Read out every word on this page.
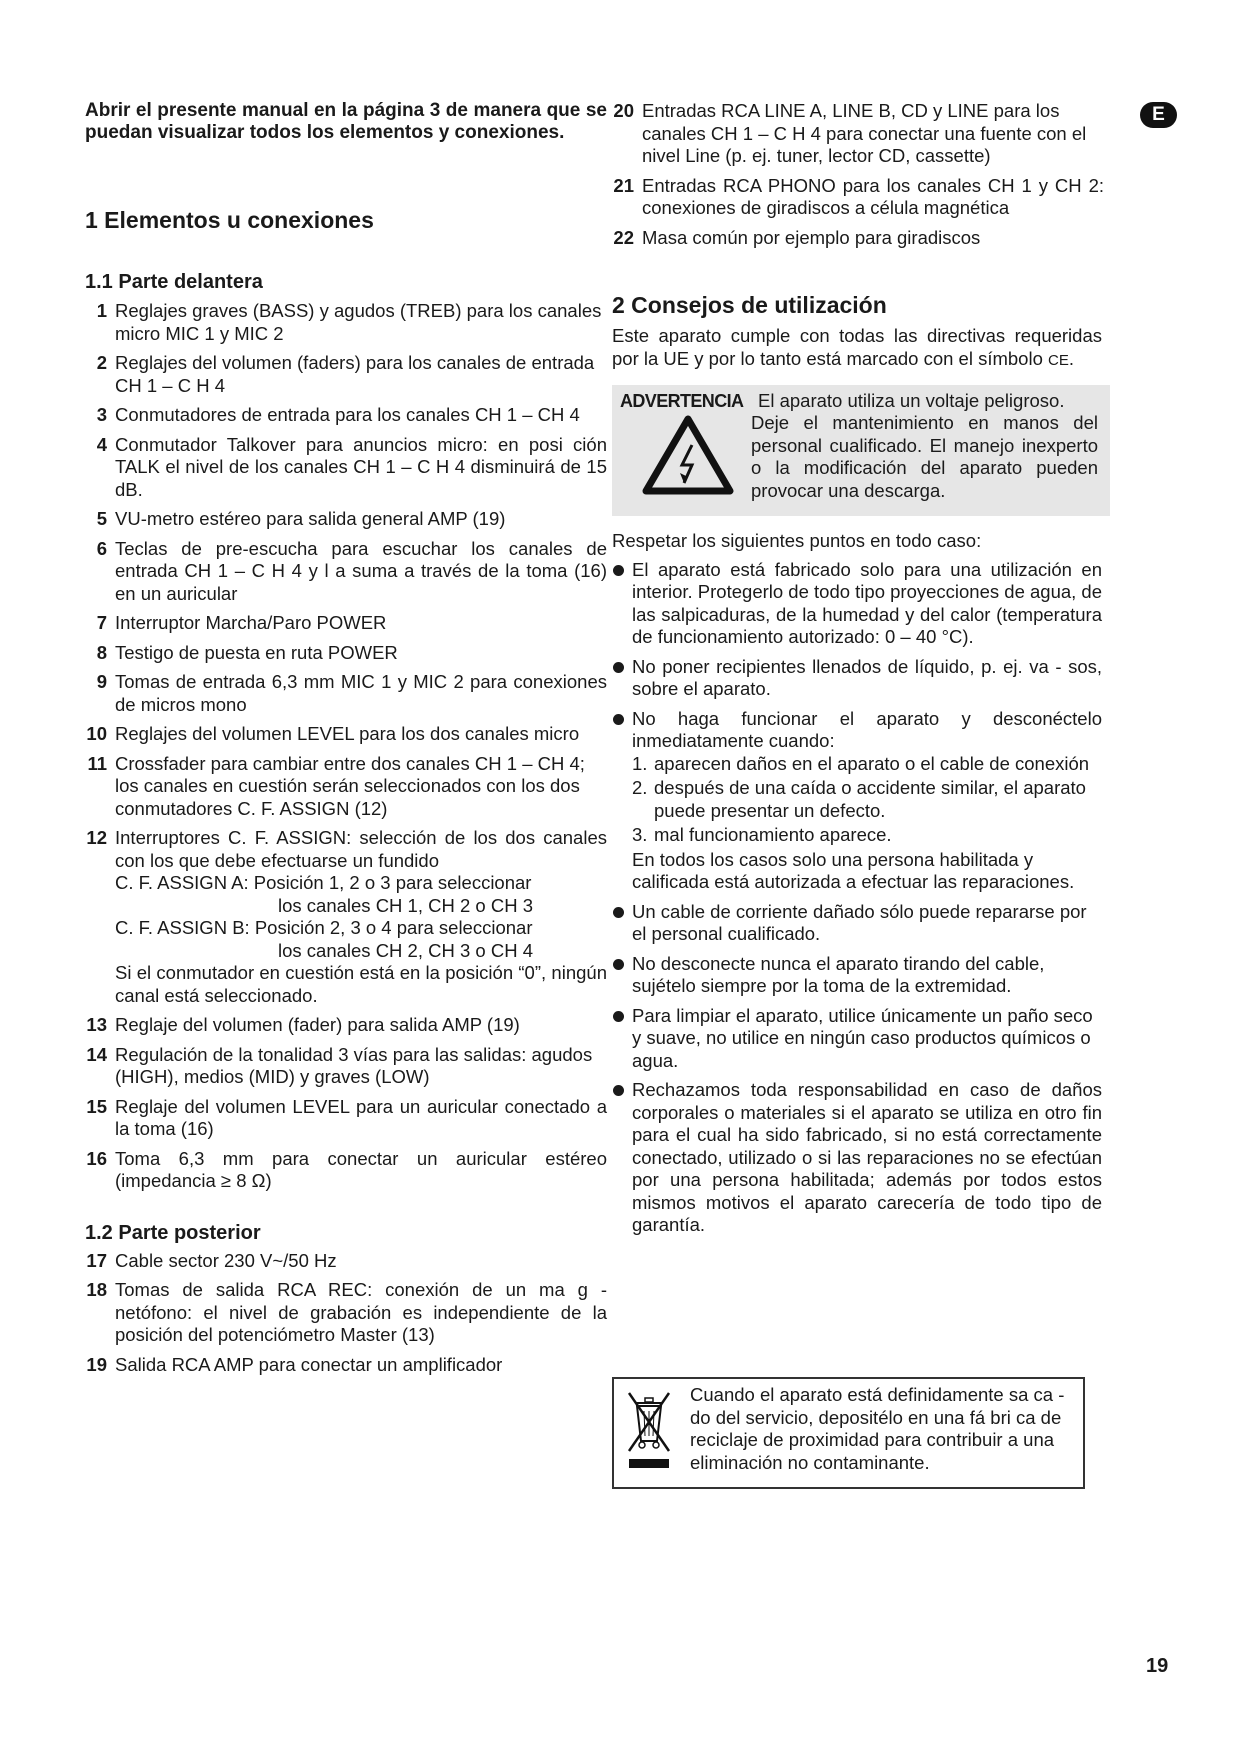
E

Abrir el presente manual en la página 3 de manera que se puedan visualizar todos los elementos y conexiones.

1 Elementos u conexiones
1.1 Parte delantera
1 Reglajes graves (BASS) y agudos (TREB) para los canales micro MIC 1 y MIC 2
2 Reglajes del volumen (faders) para los canales de entrada CH 1 – C H 4
3 Conmutadores de entrada para los canales CH 1 – CH 4
4 Conmutador Talkover para anuncios micro: en posi ción TALK el nivel de los canales CH 1 – C H 4 disminuirá de 15 dB.
5 VU-metro estéreo para salida general AMP (19)
6 Teclas de pre-escucha para escuchar los canales de entrada CH 1 – C H 4 y l a suma a través de la toma (16) en un auricular
7 Interruptor Marcha/Paro POWER
8 Testigo de puesta en ruta POWER
9 Tomas de entrada 6,3 mm MIC 1 y MIC 2 para conexiones de micros mono
10 Reglajes del volumen LEVEL para los dos canales micro
11 Crossfader para cambiar entre dos canales CH 1 – CH 4; los canales en cuestión serán seleccionados con los dos conmutadores C. F. ASSIGN (12)
12 Interruptores C. F. ASSIGN: selección de los dos canales con los que debe efectuarse un fundido
C. F. ASSIGN A: Posición 1, 2 o 3 para seleccionar
los canales CH 1, CH 2 o CH 3
C. F. ASSIGN B: Posición 2, 3 o 4 para seleccionar
los canales CH 2, CH 3 o CH 4
Si el conmutador en cuestión está en la posición “0”, ningún canal está seleccionado.
13 Reglaje del volumen (fader) para salida AMP (19)
14 Regulación de la tonalidad 3 vías para las salidas: agudos (HIGH), medios (MID) y graves (LOW)
15 Reglaje del volumen LEVEL para un auricular conectado a la toma (16)
16 Toma 6,3 mm para conectar un auricular estéreo (impedancia ≥ 8 Ω)
1.2 Parte posterior
17 Cable sector 230 V~/50 Hz
18 Tomas de salida RCA REC: conexión de un ma g - netófono: el nivel de grabación es independiente de la posición del potenciómetro Master (13)
19 Salida RCA AMP para conectar un amplificador
20 Entradas RCA LINE A, LINE B, CD y LINE para los canales CH 1 – C H 4 para conectar una fuente con el nivel Line (p. ej. tuner, lector CD, cassette)
21 Entradas RCA PHONO para los canales CH 1 y CH 2: conexiones de giradiscos a célula magnética
22 Masa común por ejemplo para giradiscos
2 Consejos de utilización

Este aparato cumple con todas las directivas requeridas por la UE y por lo tanto está marcado con el símbolo CE.

ADVERTENCIA El aparato utiliza un voltaje peligroso.
Deje el mantenimiento en manos del personal cualificado. El manejo inexperto o la modificación del aparato pueden provocar una descarga.

Respetar los siguientes puntos en todo caso:

El aparato está fabricado solo para una utilización en interior. Protegerlo de todo tipo proyecciones de agua, de las salpicaduras, de la humedad y del calor (temperatura de funcionamiento autorizado: 0 – 40 °C).
No poner recipientes llenados de líquido, p. ej. va - sos, sobre el aparato.
No haga funcionar el aparato y desconéctelo inmediatamente cuando:
1. aparecen daños en el aparato o el cable de conexión
2. después de una caída o accidente similar, el aparato puede presentar un defecto.
3. mal funcionamiento aparece.
En todos los casos solo una persona habilitada y calificada está autorizada a efectuar las reparaciones.
Un cable de corriente dañado sólo puede repararse por el personal cualificado.
No desconecte nunca el aparato tirando del cable, sujételo siempre por la toma de la extremidad.
Para limpiar el aparato, utilice únicamente un paño seco y suave, no utilice en ningún caso productos químicos o agua.
Rechazamos toda responsabilidad en caso de daños corporales o materiales si el aparato se utiliza en otro fin para el cual ha sido fabricado, si no está correctamente conectado, utilizado o si las reparaciones no se efectúan por una persona habilitada; además por todos estos mismos motivos el aparato carecería de todo tipo de garantía.
Cuando el aparato está definidamente sa ca - do del servicio, depositélo en una fá bri ca de reciclaje de proximidad para contribuir a una eliminación no contaminante.
19
